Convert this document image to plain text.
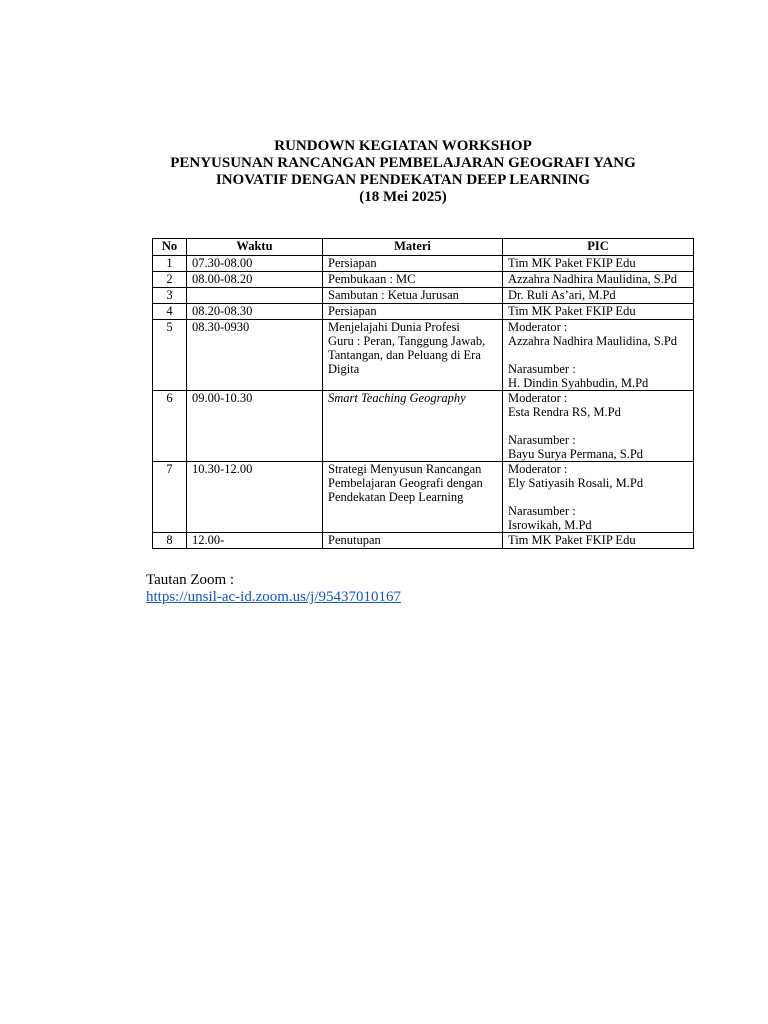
RUNDOWN KEGIATAN WORKSHOP
PENYUSUNAN RANCANGAN PEMBELAJARAN GEOGRAFI YANG
INOVATIF DENGAN PENDEKATAN DEEP LEARNING
(18 Mei 2025)
No	Waktu	Materi	PIC
1	07.30-08.00	Persiapan	Tim MK Paket FKIP Edu

2	08.00-08.20	Pembukaan : MC	Azzahra Nadhira Maulidina, S.Pd

3		Sambutan : Ketua Jurusan	Dr. Ruli As’ari, M.Pd

4	08.20-08.30	Persiapan	Tim MK Paket FKIP Edu

5	08.30-0930	Menjelajahi Dunia Profesi
Guru : Peran, Tanggung Jawab,
Tantangan, dan Peluang di Era
Digita	Moderator :
Azzahra Nadhira Maulidina, S.Pd
Narasumber :
H. Dindin Syahbudin, M.Pd

6	09.00-10.30	Smart Teaching Geography	Moderator :
Esta Rendra RS, M.Pd
Narasumber :
Bayu Surya Permana, S.Pd

7	10.30-12.00	Strategi Menyusun Rancangan
Pembelajaran Geografi dengan
Pendekatan Deep Learning	Moderator :
Ely Satiyasih Rosali, M.Pd
Narasumber :
Isrowikah, M.Pd

8	12.00-	Penutupan	Tim MK Paket FKIP Edu
Tautan Zoom :
https://unsil-ac-id.zoom.us/j/95437010167
